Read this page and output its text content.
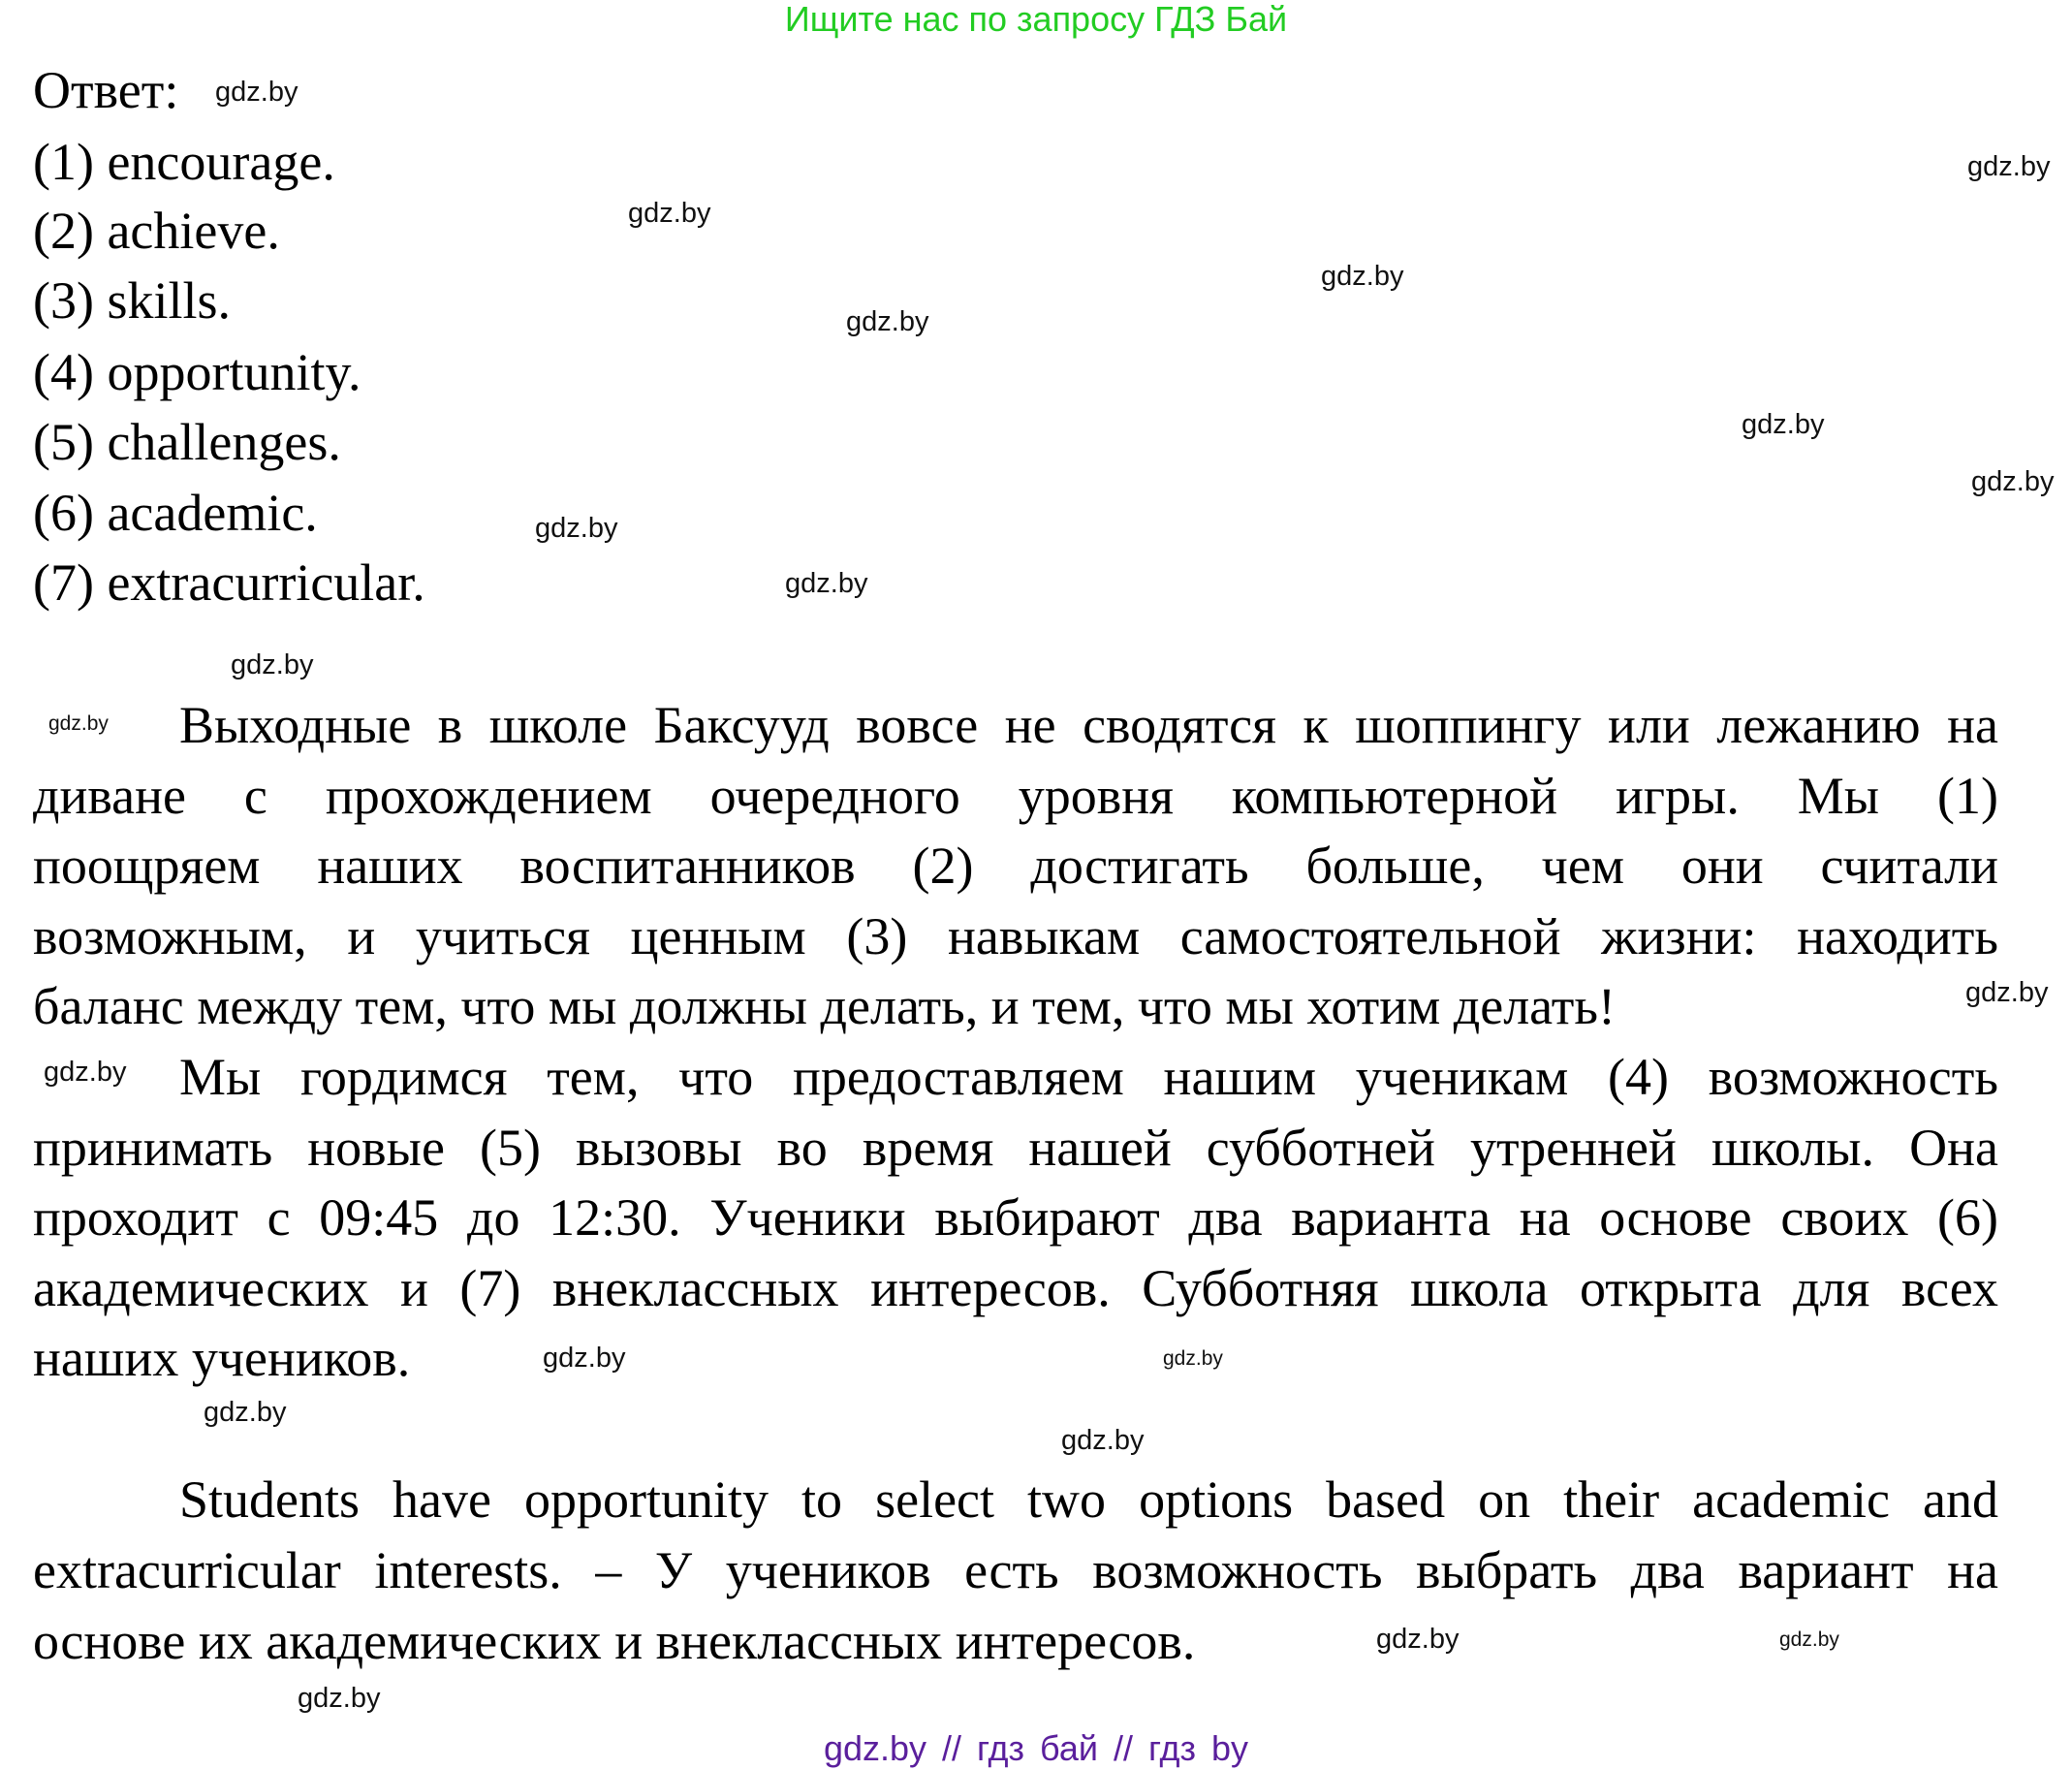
Ищите нас по запросу ГДЗ Бай
Ответ:
(1) encourage.
(2) achieve.
(3) skills.
(4) opportunity.
(5) challenges.
(6) academic.
(7) extracurricular.
Выходные в школе Баксууд вовсе не сводятся к шоппингу или лежанию на
диване с прохождением очередного уровня компьютерной игры. Мы (1)
поощряем наших воспитанников (2) достигать больше, чем они считали
возможным, и учиться ценным (3) навыкам самостоятельной жизни: находить
баланс между тем, что мы должны делать, и тем, что мы хотим делать!
Мы гордимся тем, что предоставляем нашим ученикам (4) возможность
принимать новые (5) вызовы во время нашей субботней утренней школы. Она
проходит с 09:45 до 12:30. Ученики выбирают два варианта на основе своих (6)
академических и (7) внеклассных интересов. Субботняя школа открыта для всех
наших учеников.
Students have opportunity to select two options based on their academic and
extracurricular interests. – У учеников есть возможность выбрать два вариант на
основе их академических и внеклассных интересов.
gdz.by
gdz.by
gdz.by
gdz.by
gdz.by
gdz.by
gdz.by
gdz.by
gdz.by
gdz.by
gdz.by
gdz.by
gdz.by
gdz.by
gdz.by
gdz.by
gdz.by
gdz.by
gdz.by
gdz.by
gdz.by // гдз бай // гдз by
